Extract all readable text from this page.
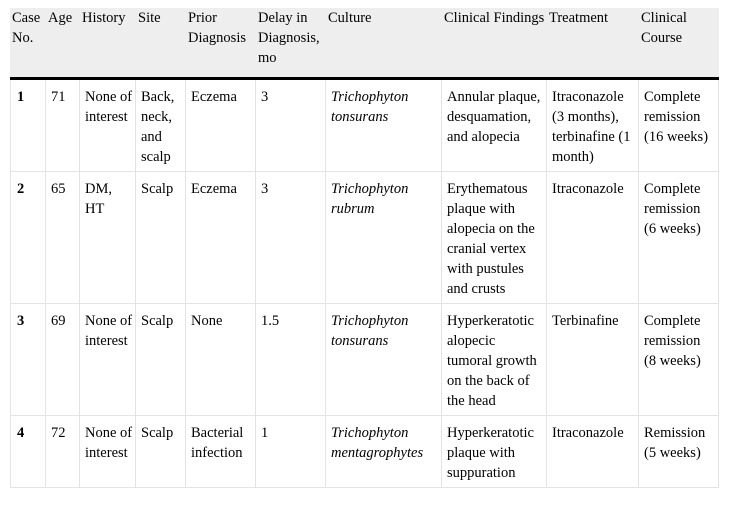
Case No.	Age	History	Site	Prior Diagnosis	Delay in Diagnosis, mo	Culture	Clinical Findings	Treatment	Clinical Course
1	71	None of interest	Back, neck, and scalp	Eczema	3	Trichophyton tonsurans	Annular plaque, desquamation, and alopecia	Itraconazole (3 months), terbinafine (1 month)	Complete remission (16 weeks)
2	65	DM, HT	Scalp	Eczema	3	Trichophyton rubrum	Erythematous plaque with alopecia on the cranial vertex with pustules and crusts	Itraconazole	Complete remission (6 weeks)
3	69	None of interest	Scalp	None	1.5	Trichophyton tonsurans	Hyperkeratotic alopecic tumoral growth on the back of the head	Terbinafine	Complete remission (8 weeks)
4	72	None of interest	Scalp	Bacterial infection	1	Trichophyton mentagrophytes	Hyperkeratotic plaque with suppuration	Itraconazole	Remission (5 weeks)
